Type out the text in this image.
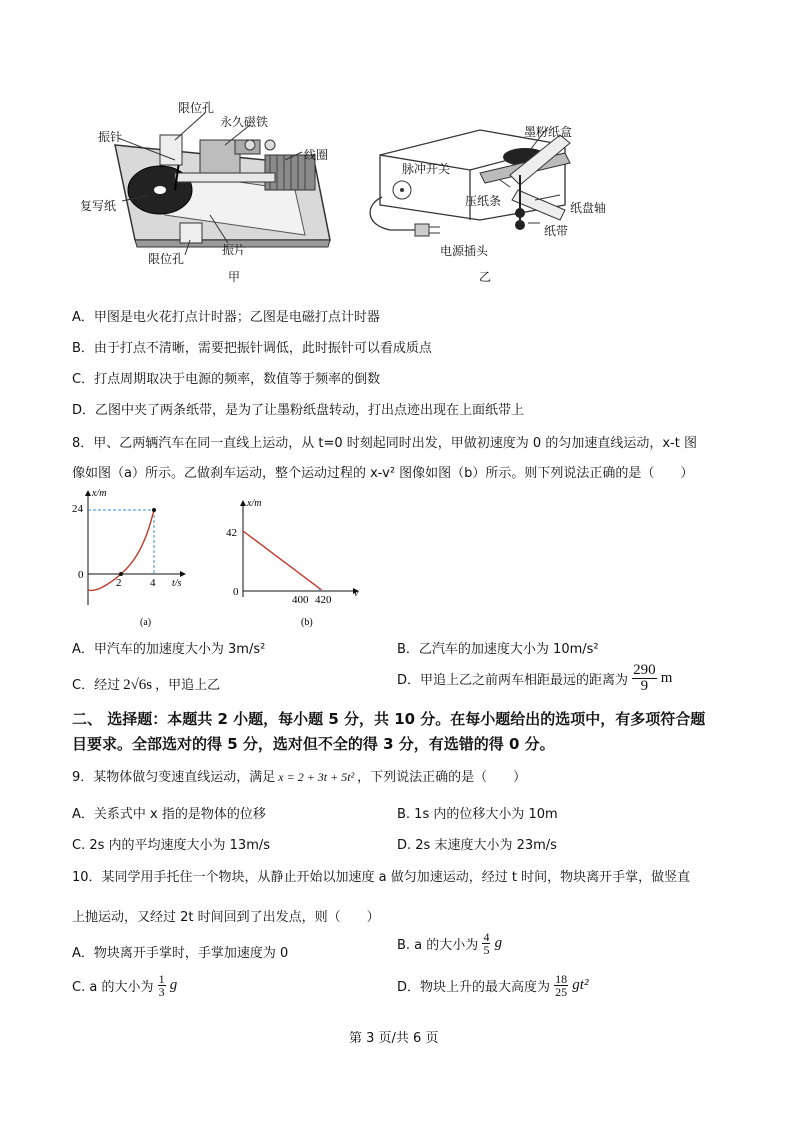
限位孔
永久磁铁
振针
线圈
复写纸
振片
限位孔
甲
墨粉纸盒
脉冲开关
压纸条	纸盘轴
纸带
电源插头
乙
A．甲图是电火花打点计时器；乙图是电磁打点计时器
B．由于打点不清晰，需要把振针调低，此时振针可以看成质点
C．打点周期取决于电源的频率，数值等于频率的倒数
D．乙图中夹了两条纸带，是为了让墨粉纸盘转动，打出点迹出现在上面纸带上
8．甲、乙两辆汽车在同一直线上运动，从 t=0 时刻起同时出发，甲做初速度为 0 的匀加速直线运动，x-t 图
像如图（a）所示。乙做刹车运动，整个运动过程的 x-v² 图像如图（b）所示。则下列说法正确的是（　　）
x/m
t/s
24
0
2	4
(a)
x/m
v
42
0
400 420
(b)
A．甲汽车的加速度大小为 3m/s²	B．乙汽车的加速度大小为 10m/s²
C．经过 2√6s ，甲追上乙	D．甲追上乙之前两车相距最远的距离为 $\frac{290}{9}$ m
二、 选择题：本题共 2 小题，每小题 5 分，共 10 分。在每小题给出的选项中，有多项符合题
目要求。全部选对的得 5 分，选对但不全的得 3 分，有选错的得 0 分。
9．某物体做匀变速直线运动，满足 x = 2 + 3t + 5t² ，下列说法正确的是（　　）
A．关系式中 x 指的是物体的位移	B. 1s 内的位移大小为 10m
C. 2s 内的平均速度大小为 13m/s	D. 2s 末速度大小为 23m/s
10．某同学用手托住一个物块，从静止开始以加速度 a 做匀加速运动，经过 t 时间，物块离开手掌，做竖直
上抛运动，又经过 2t 时间回到了出发点，则（　　）
A．物块离开手掌时，手掌加速度为 0
B. a 的大小为 $\frac{4}{5}$ g
C. a 的大小为 $\frac{1}{3}$ g	D．物块上升的最大高度为 $\frac{18}{25} gt^2$
第 3 页/共 6 页
